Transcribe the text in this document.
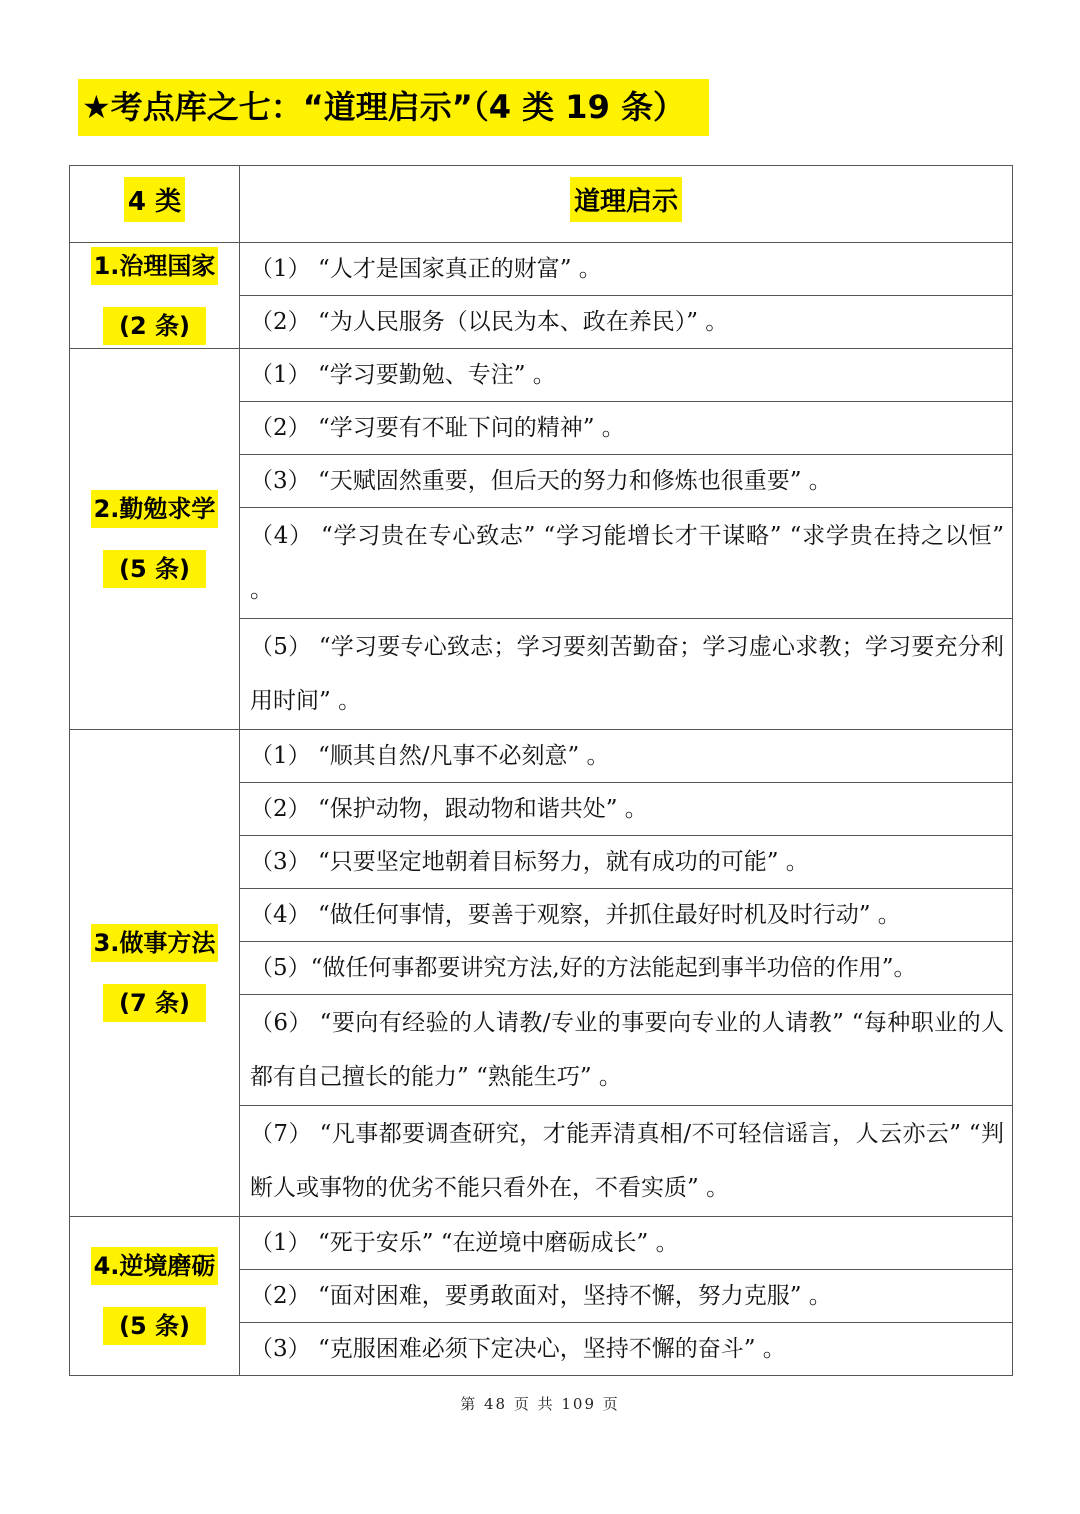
★考点库之七：“道理启示”（4 类 19 条）
4 类	道理启示
1.治理国家
(2 条)	（1） “人才是国家真正的财富” 。
	（2） “为人民服务（以民为本、政在养民）” 。
2.勤勉求学
(5 条)	（1） “学习要勤勉、专注” 。
	（2） “学习要有不耻下问的精神” 。
	（3） “天赋固然重要，但后天的努力和修炼也很重要” 。
	（4） “学习贵在专心致志” “学习能增长才干谋略” “求学贵在持之以恒” 。
	（5） “学习要专心致志；学习要刻苦勤奋；学习虚心求教；学习要充分利用时间” 。
3.做事方法
(7 条)	（1） “顺其自然/凡事不必刻意” 。
	（2） “保护动物，跟动物和谐共处” 。
	（3） “只要坚定地朝着目标努力，就有成功的可能” 。
	（4） “做任何事情，要善于观察，并抓住最好时机及时行动” 。
	（5）“做任何事都要讲究方法,好的方法能起到事半功倍的作用”。
	（6） “要向有经验的人请教/专业的事要向专业的人请教” “每种职业的人都有自己擅长的能力” “熟能生巧” 。
	（7） “凡事都要调查研究，才能弄清真相/不可轻信谣言，人云亦云” “判断人或事物的优劣不能只看外在，不看实质” 。
4.逆境磨砺
(5 条)	（1） “死于安乐” “在逆境中磨砺成长” 。
	（2） “面对困难，要勇敢面对，坚持不懈，努力克服” 。
	（3） “克服困难必须下定决心，坚持不懈的奋斗” 。
第 48 页 共 109 页
